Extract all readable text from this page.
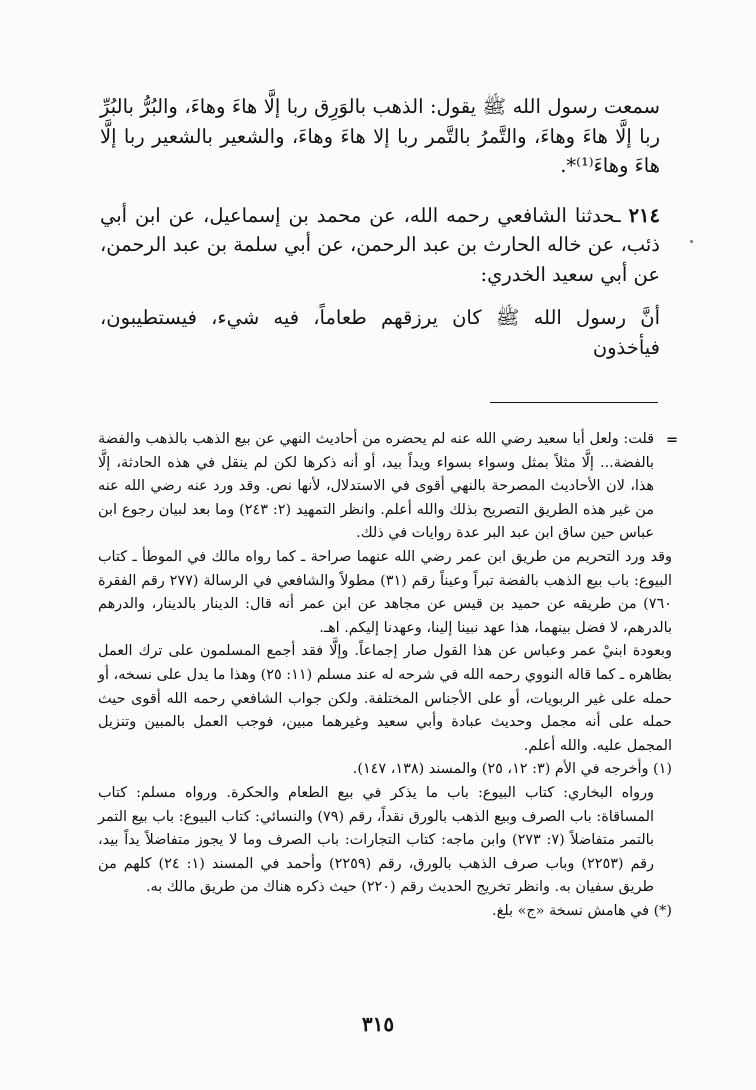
سمعت رسول الله ﷺ يقول: الذهب بالوَرِق ربا إلَّا هاءَ وهاءَ، والبُرُّ بالبُرِّ ربا إلَّا هاءَ وهاءَ، والتَّمرُ بالتَّمر ربا إلا هاءَ وهاءَ، والشعير بالشعير ربا إلَّا هاءَ وهاءَ⁽¹⁾*.

٢١٤ ـحدثنا الشافعي رحمه الله، عن محمد بن إسماعيل، عن ابن أبي ذئب، عن خاله الحارث بن عبد الرحمن، عن أبي سلمة بن عبد الرحمن، عن أبي سعيد الخدري:

أنَّ رسول الله ﷺ كان يرزقهم طعاماً، فيه شيء، فيستطيبون، فيأخذون

=
قلت: ولعل أبا سعيد رضي الله عنه لم يحضره من أحاديث النهي عن بيع الذهب بالذهب والفضة بالفضة... إلَّا مثلاً بمثل وسواء بسواء ويداً بيد، أو أنه ذكرها لكن لم ينقل في هذه الحادثة، إلَّا هذا، لان الأحاديث المصرحة بالنهي أقوى في الاستدلال، لأنها نص. وقد ورد عنه رضي الله عنه من غير هذه الطريق التصريح بذلك والله أعلم. وانظر التمهيد (٢: ٢٤٣) وما بعد لبيان رجوع ابن عباس حين ساق ابن عبد البر عدة روايات في ذلك.

وقد ورد التحريم من طريق ابن عمر رضي الله عنهما صراحة ـ كما رواه مالك في الموطأ ـ كتاب البيوع: باب بيع الذهب بالفضة تبراً وعيناً رقم (٣١) مطولاً والشافعي في الرسالة (٢٧٧ رقم الفقرة ٧٦٠) من طريقه عن حميد بن قيس عن مجاهد عن ابن عمر أنه قال: الدينار بالدينار، والدرهم بالدرهم، لا فضل بينهما، هذا عهد نبينا إلينا، وعهدنا إليكم. اهـ.

وبعودة ابنيْ عمر وعباس عن هذا القول صار إجماعاً. وإلَّا فقد أجمع المسلمون على ترك العمل بظاهره ـ كما قاله النووي رحمه الله في شرحه له عند مسلم (١١: ٢٥) وهذا ما يدل على نسخه، أو حمله على غير الربويات، أو على الأجناس المختلفة. ولكن جواب الشافعي رحمه الله أقوى حيث حمله على أنه مجمل وحديث عبادة وأبي سعيد وغيرهما مبين، فوجب العمل بالمبين وتنزيل المجمل عليه. والله أعلم.

(١) وأخرجه في الأم (٣: ١٢، ٢٥) والمسند (١٣٨، ١٤٧).

ورواه البخاري: كتاب البيوع: باب ما يذكر في بيع الطعام والحكرة. ورواه مسلم: كتاب المساقاة: باب الصرف وبيع الذهب بالورق نقداً، رقم (٧٩) والنسائي: كتاب البيوع: باب بيع التمر بالتمر متفاضلاً (٧: ٢٧٣) وابن ماجه: كتاب التجارات: باب الصرف وما لا يجوز متفاضلاً يداً بيد، رقم (٢٢٥٣) وباب صرف الذهب بالورق، رقم (٢٢٥٩) وأحمد في المسند (١: ٢٤) كلهم من طريق سفيان به. وانظر تخريج الحديث رقم (٢٢٠) حيث ذكره هناك من طريق مالك به.

(*) في هامش نسخة «ج» بلغ.

٣١٥
